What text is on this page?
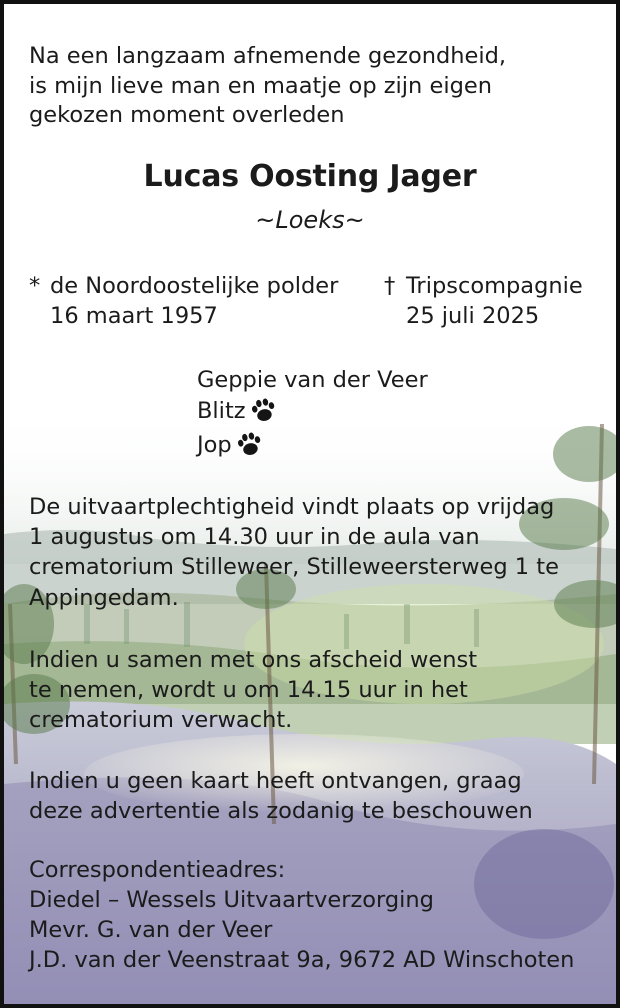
Na een langzaam afnemende gezondheid,

is mijn lieve man en maatje op zijn eigen

gekozen moment overleden

Lucas Oosting Jager

~Loeks~

* de Noordoostelijke polder

16 maart 1957

† Tripscompagnie

25 juli 2025

Geppie van der Veer

Blitz

Jop

De uitvaartplechtigheid vindt plaats op vrijdag

1 augustus om 14.30 uur in de aula van

crematorium Stilleweer, Stilleweersterweg 1 te

Appingedam.

Indien u samen met ons afscheid wenst

te nemen, wordt u om 14.15 uur in het

crematorium verwacht.

Indien u geen kaart heeft ontvangen, graag

deze advertentie als zodanig te beschouwen

Correspondentieadres:

Diedel – Wessels Uitvaartverzorging

Mevr. G. van der Veer

J.D. van der Veenstraat 9a, 9672 AD Winschoten
